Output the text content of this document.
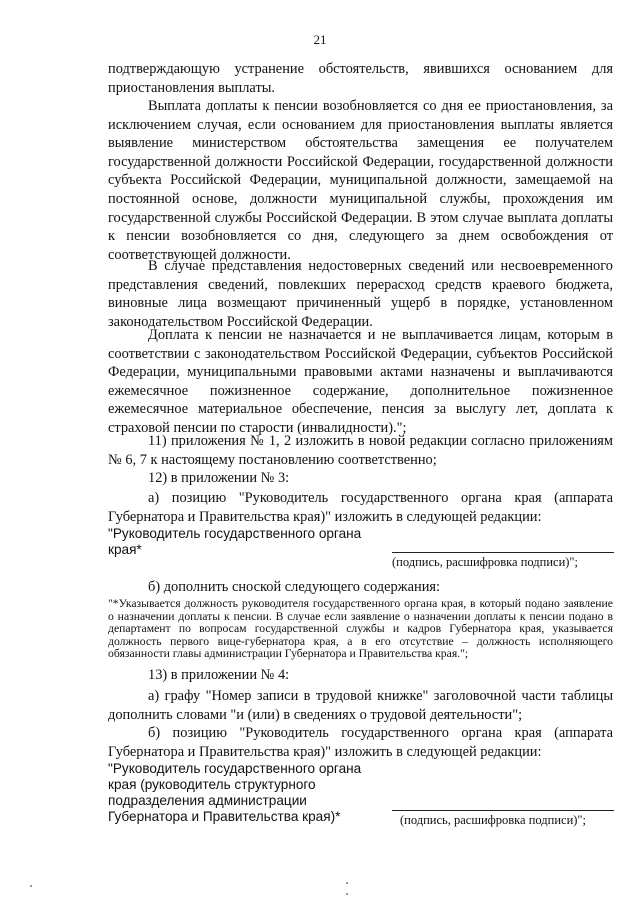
21

подтверждающую устранение обстоятельств, явившихся основанием для приостановления выплаты.

Выплата доплаты к пенсии возобновляется со дня ее приостановления, за исключением случая, если основанием для приостановления выплаты является выявление министерством обстоятельства замещения ее получателем государственной должности Российской Федерации, государственной должности субъекта Российской Федерации, муниципальной должности, замещаемой на постоянной основе, должности муниципальной службы, прохождения им государственной службы Российской Федерации. В этом случае выплата доплаты к пенсии возобновляется со дня, следующего за днем освобождения от соответствующей должности.

В случае представления недостоверных сведений или несвоевременного представления сведений, повлекших перерасход средств краевого бюджета, виновные лица возмещают причиненный ущерб в порядке, установленном законодательством Российской Федерации.

Доплата к пенсии не назначается и не выплачивается лицам, которым в соответствии с законодательством Российской Федерации, субъектов Российской Федерации, муниципальными правовыми актами назначены и выплачиваются ежемесячное пожизненное содержание, дополнительное пожизненное ежемесячное материальное обеспечение, пенсия за выслугу лет, доплата к страховой пенсии по старости (инвалидности).";

11) приложения № 1, 2 изложить в новой редакции согласно приложениям № 6, 7 к настоящему постановлению соответственно;

12) в приложении № 3:

а) позицию "Руководитель государственного органа края (аппарата Губернатора и Правительства края)" изложить в следующей редакции:

"Руководитель государственного органа
края*
(подпись, расшифровка подписи)";

б) дополнить сноской следующего содержания:

"*Указывается должность руководителя государственного органа края, в который подано заявление о назначении доплаты к пенсии. В случае если заявление о назначении доплаты к пенсии подано в департамент по вопросам государственной службы и кадров Губернатора края, указывается должность первого вице-губернатора края, а в его отсутствие – должность исполняющего обязанности главы администрации Губернатора и Правительства края.";

13) в приложении № 4:

а) графу "Номер записи в трудовой книжке" заголовочной части таблицы дополнить словами "и (или) в сведениях о трудовой деятельности";

б) позицию "Руководитель государственного органа края (аппарата Губернатора и Правительства края)" изложить в следующей редакции:

"Руководитель государственного органа
края (руководитель структурного
подразделения администрации
Губернатора и Правительства края)*	(подпись, расшифровка подписи)";
